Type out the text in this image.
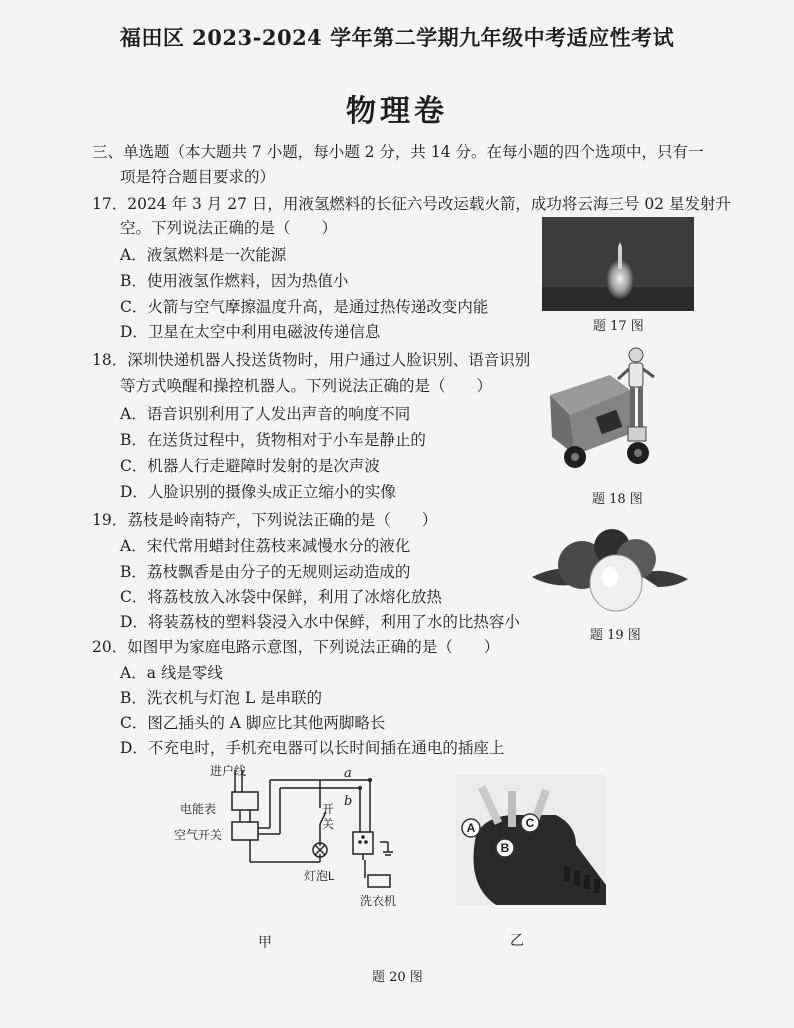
福田区 2023-2024 学年第二学期九年级中考适应性考试
物理卷
三、单选题（本大题共 7 小题，每小题 2 分，共 14 分。在每小题的四个选项中，只有一
项是符合题目要求的）
17．2024 年 3 月 27 日，用液氢燃料的长征六号改运载火箭，成功将云海三号 02 星发射升
空。下列说法正确的是（　　）
A．液氢燃料是一次能源
B．使用液氢作燃料，因为热值小
C．火箭与空气摩擦温度升高，是通过热传递改变内能
D．卫星在太空中利用电磁波传递信息	题 17 图
18．深圳快递机器人投送货物时，用户通过人脸识别、语音识别
等方式唤醒和操控机器人。下列说法正确的是（　　）
A．语音识别利用了人发出声音的响度不同
B．在送货过程中，货物相对于小车是静止的
C．机器人行走避障时发射的是次声波
D．人脸识别的摄像头成正立缩小的实像	题 18 图
19．荔枝是岭南特产，下列说法正确的是（　　）
A．宋代常用蜡封住荔枝来减慢水分的液化
B．荔枝飘香是由分子的无规则运动造成的
C．将荔枝放入冰袋中保鲜，利用了冰熔化放热
D．将装荔枝的塑料袋浸入水中保鲜，利用了水的比热容小
题 19 图
20．如图甲为家庭电路示意图，下列说法正确的是（　　）
A．a 线是零线
B．洗衣机与灯泡 L 是串联的
C．图乙插头的 A 脚应比其他两脚略长
D．不充电时，手机充电器可以长时间插在通电的插座上
进户线
电能表
空气开关
开
关
灯泡L
洗衣机
a
b
A
B
C
甲	乙
题 20 图
